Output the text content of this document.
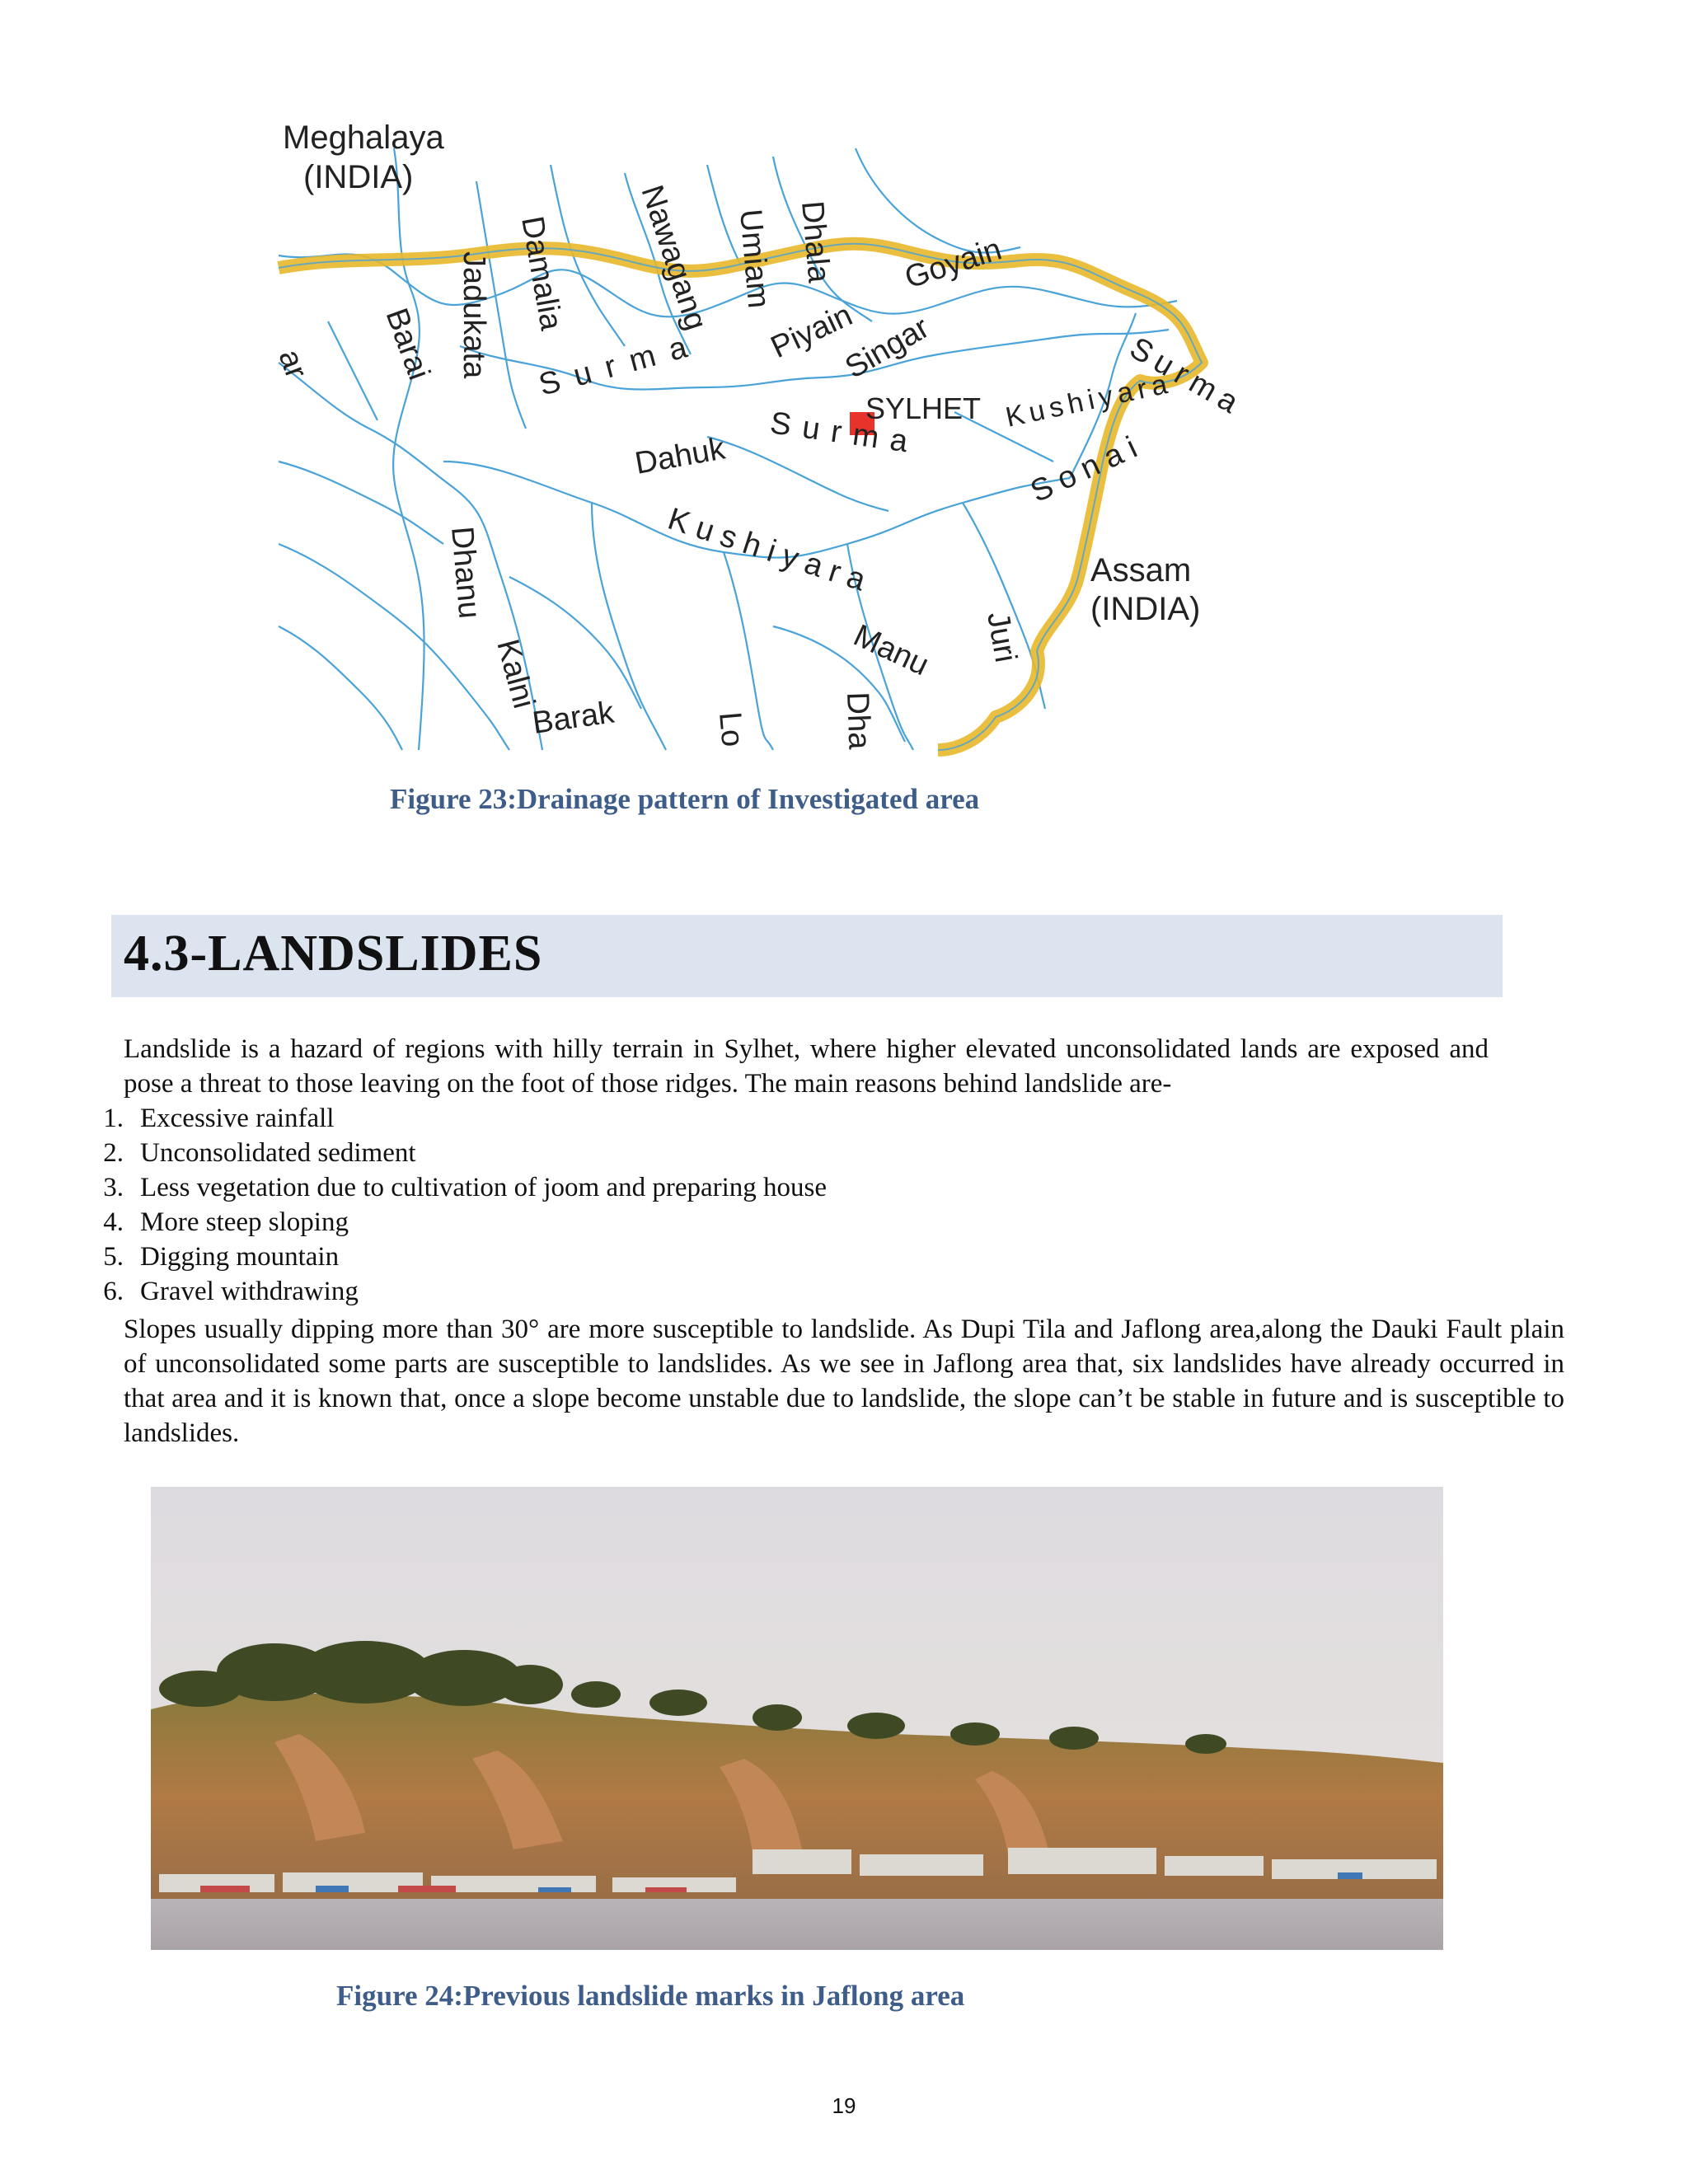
Meghalaya
(INDIA)
Assam
(INDIA)
SYLHET
Barai Jadukata Damalia Nawagang Umiam Dhala Goyain
Surma
Piyain
Singar
Surma
Surma	Kushiyara
Sonai
Dahuk
Kushiyara
Dhanu
Kalni
Barak
Manu Juri
Dha
Lo
ar
Figure 23:Drainage pattern of Investigated area
4.3-LANDSLIDES
Landslide is a hazard of regions with hilly terrain in Sylhet, where higher elevated unconsolidated lands are exposed and pose a threat to those leaving on the foot of those ridges. The main reasons behind landslide are-
1. Excessive rainfall
2. Unconsolidated sediment
3. Less vegetation due to cultivation of joom and preparing house
4. More steep sloping
5. Digging mountain
6. Gravel withdrawing
Slopes usually dipping more than 30° are more susceptible to landslide. As Dupi Tila and Jaflong area,along the Dauki Fault plain of unconsolidated some parts are susceptible to landslides. As we see in Jaflong area that, six landslides have already occurred in that area and it is known that, once a slope become unstable due to landslide, the slope can’t be stable in future and is susceptible to landslides.
Figure 24:Previous landslide marks in Jaflong area
19
